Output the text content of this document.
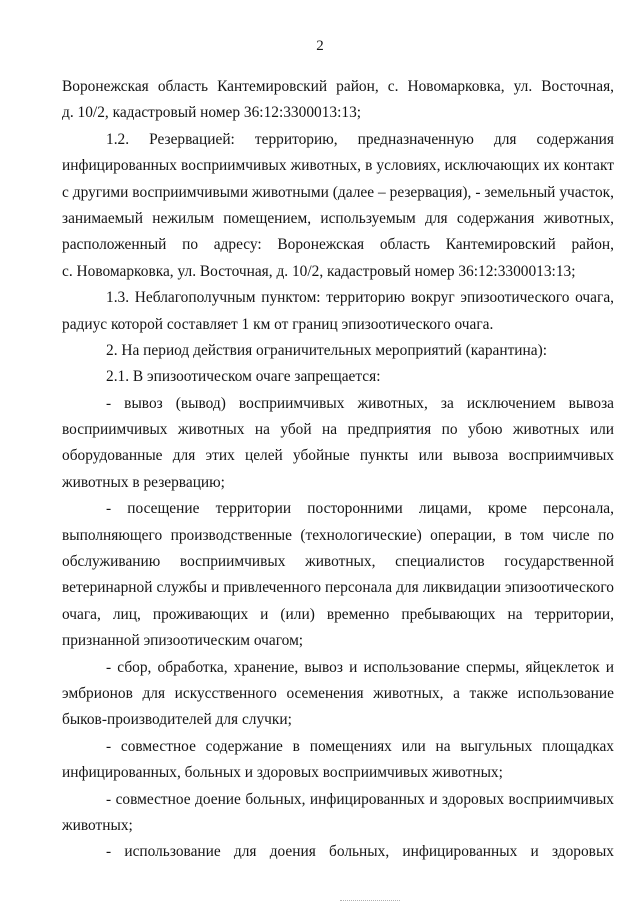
2
Воронежская область Кантемировский район, с. Новомарковка, ул. Восточная,
д. 10/2, кадастровый номер 36:12:3300013:13;
1.2. Резервацией: территорию, предназначенную для содержания
инфицированных восприимчивых животных, в условиях, исключающих их контакт
с другими восприимчивыми животными (далее – резервация), - земельный участок,
занимаемый нежилым помещением, используемым для содержания животных,
расположенный по адресу: Воронежская область Кантемировский район,
с. Новомарковка, ул. Восточная, д. 10/2, кадастровый номер 36:12:3300013:13;
1.3. Неблагополучным пунктом: территорию вокруг эпизоотического очага,
радиус которой составляет 1 км от границ эпизоотического очага.
2. На период действия ограничительных мероприятий (карантина):
2.1. В эпизоотическом очаге запрещается:
- вывоз (вывод) восприимчивых животных, за исключением вывоза
восприимчивых животных на убой на предприятия по убою животных или
оборудованные для этих целей убойные пункты или вывоза восприимчивых
животных в резервацию;
- посещение территории посторонними лицами, кроме персонала,
выполняющего производственные (технологические) операции, в том числе по
обслуживанию восприимчивых животных, специалистов государственной
ветеринарной службы и привлеченного персонала для ликвидации эпизоотического
очага, лиц, проживающих и (или) временно пребывающих на территории,
признанной эпизоотическим очагом;
- сбор, обработка, хранение, вывоз и использование спермы, яйцеклеток и
эмбрионов для искусственного осеменения животных, а также использование
быков-производителей для случки;
- совместное содержание в помещениях или на выгульных площадках
инфицированных, больных и здоровых восприимчивых животных;
- совместное доение больных, инфицированных и здоровых восприимчивых
животных;
- использование для доения больных, инфицированных и здоровых
